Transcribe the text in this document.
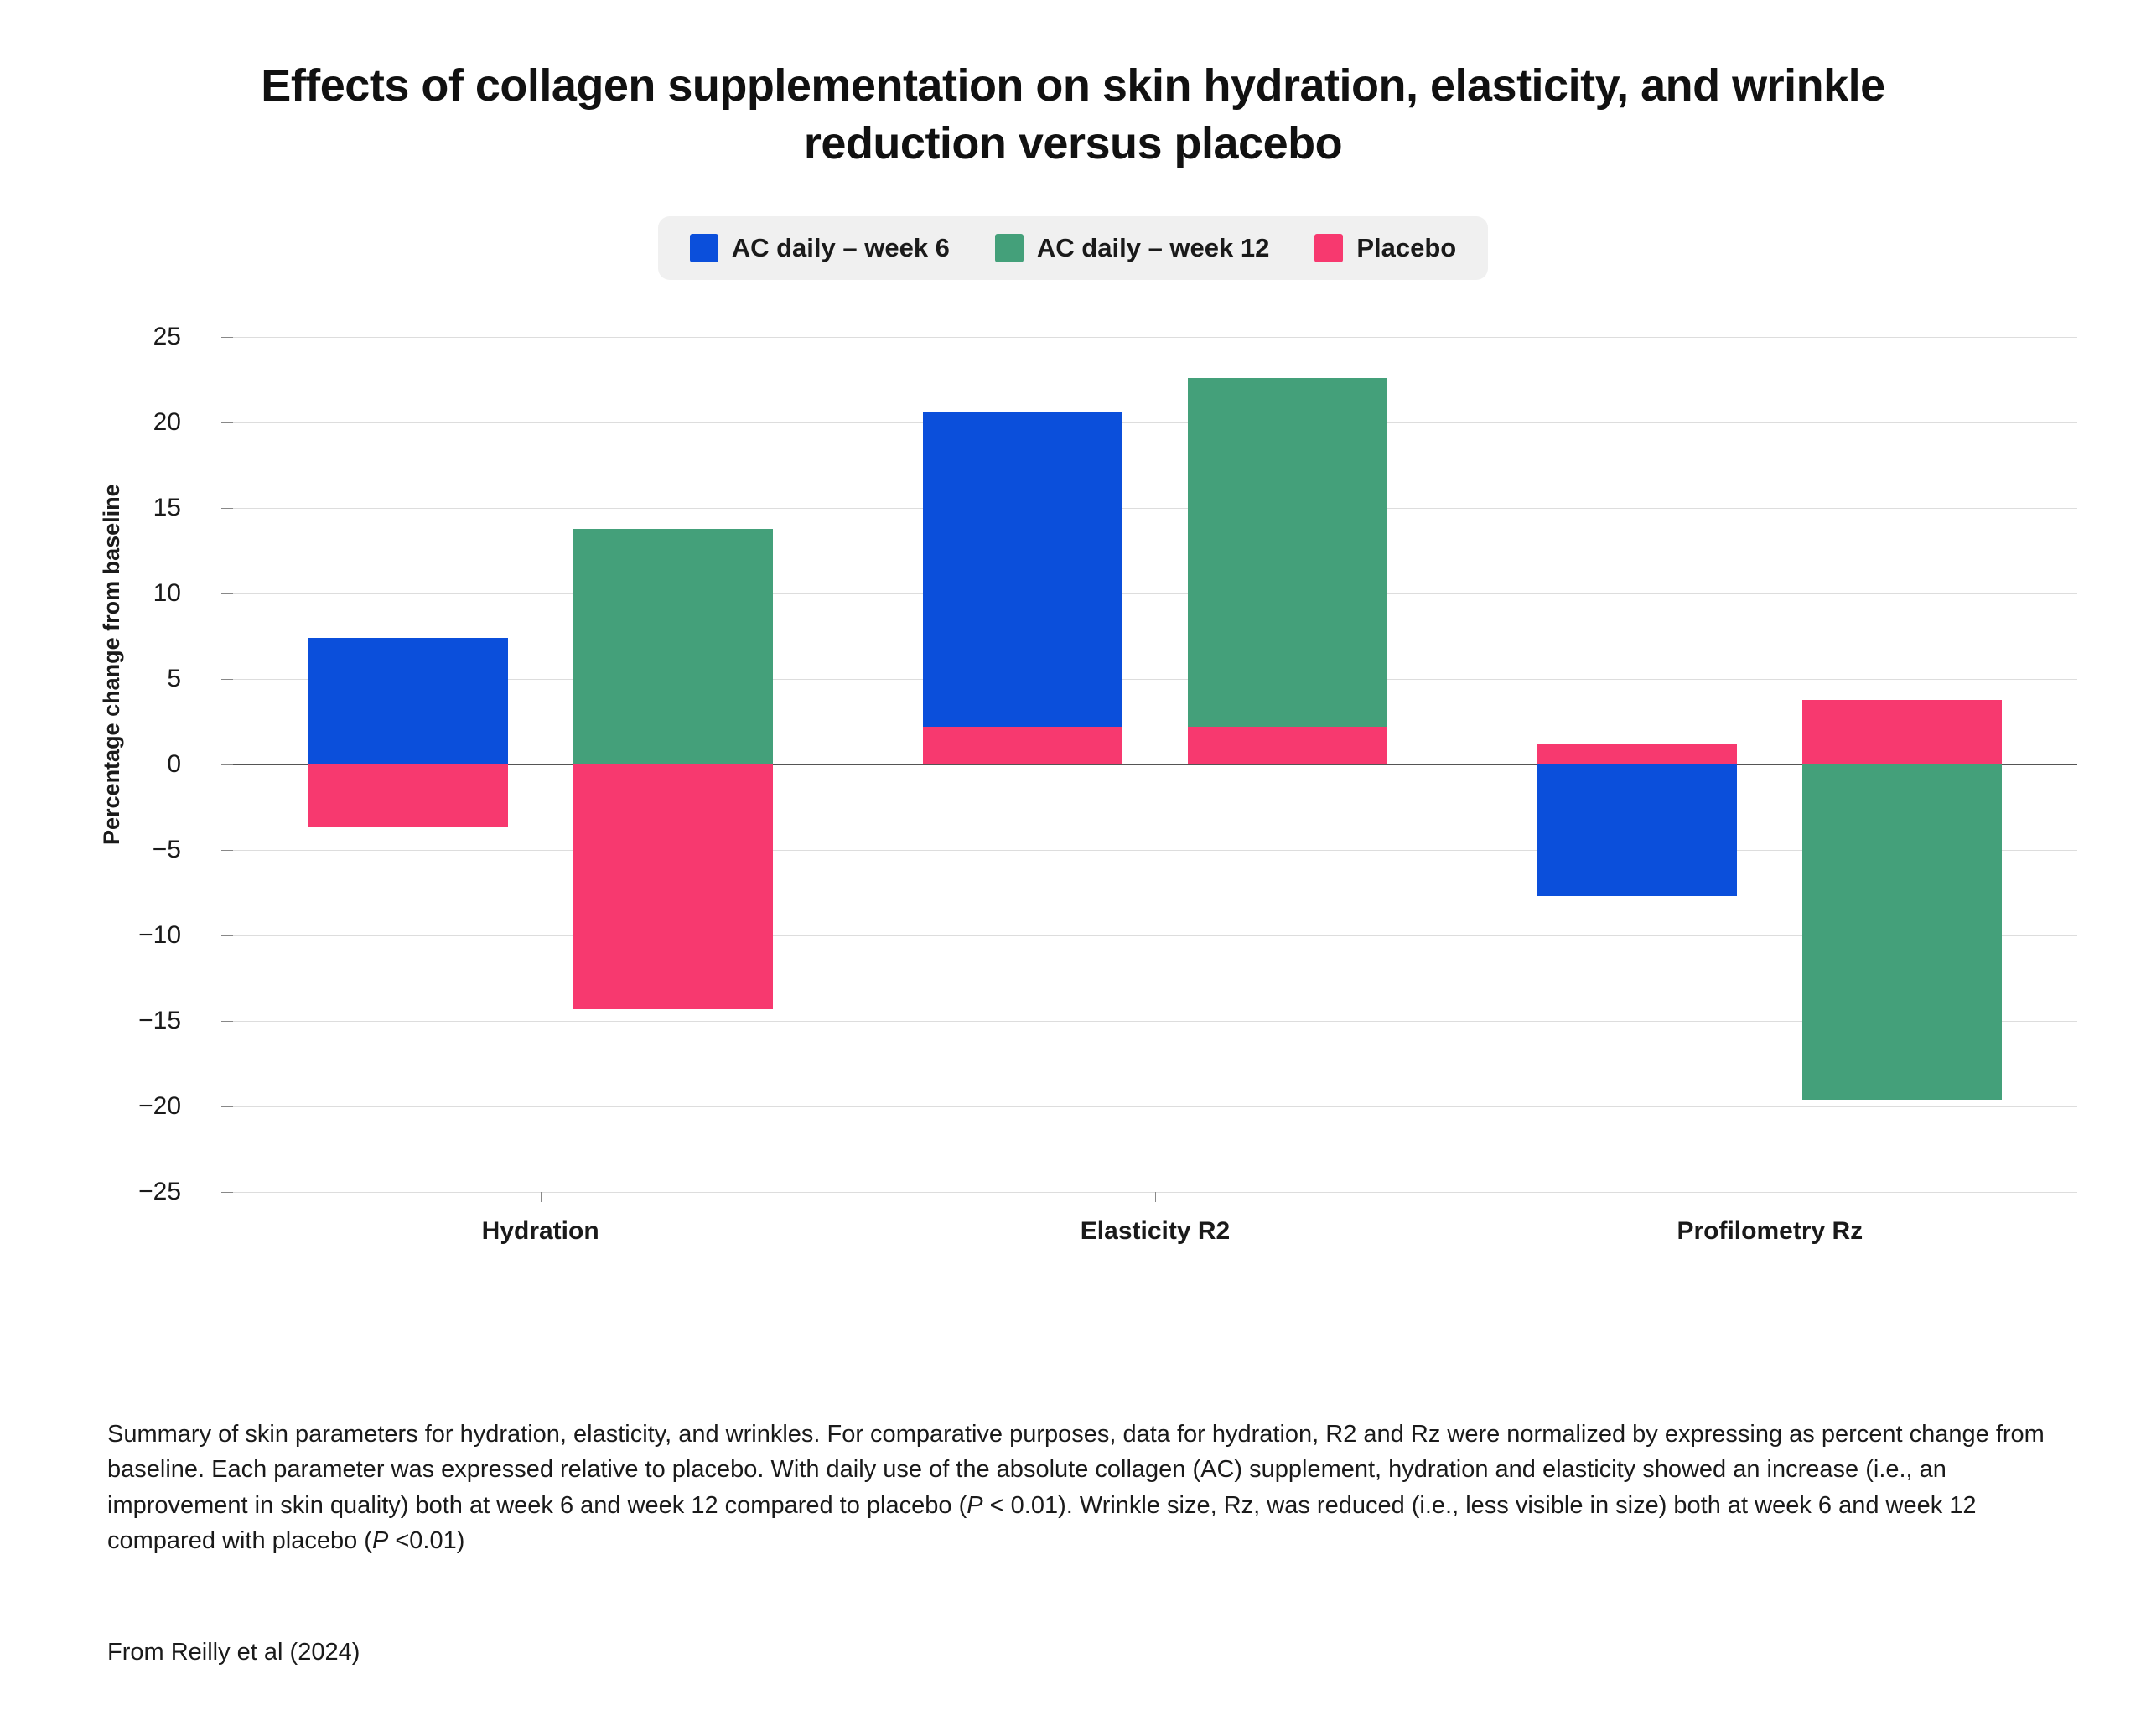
Effects of collagen supplementation on skin hydration, elasticity, and wrinkle reduction versus placebo
AC daily – week 6	AC daily – week 12	Placebo
Percentage change from baseline
25
20
15
10
5
0
−5
−10
−15
−20
−25
Hydration	Elasticity R2	Profilometry Rz
Summary of skin parameters for hydration, elasticity, and wrinkles. For comparative purposes, data for hydration, R2 and Rz were normalized by expressing as percent change from baseline. Each parameter was expressed relative to placebo. With daily use of the absolute collagen (AC) supplement, hydration and elasticity showed an increase (i.e., an improvement in skin quality) both at week 6 and week 12 compared to placebo (P < 0.01). Wrinkle size, Rz, was reduced (i.e., less visible in size) both at week 6 and week 12 compared with placebo (P <0.01)
From Reilly et al (2024)
